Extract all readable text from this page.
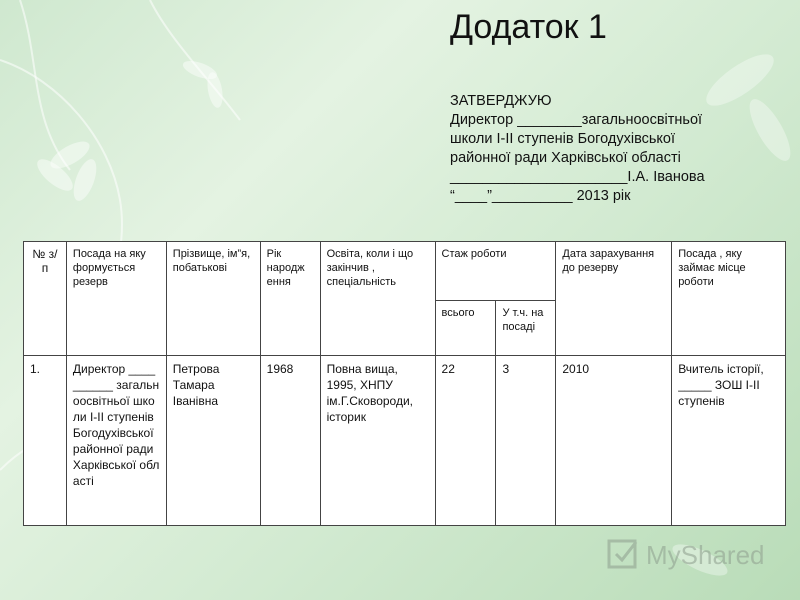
Додаток 1
ЗАТВЕРДЖУЮ
Директор ________загальноосвітньої
школи І-ІІ ступенів Богодухівської
районної ради Харківської області
______________________І.А. Іванова
“____”__________ 2013 рік
№ з/п	Посада на яку формується резерв	Прізвище, ім”я, побатькові	Рік народж ення	Освіта, коли і що закінчив , спеціальність	Стаж роботи		Дата зарахування до резерву	Посада , яку займає місце роботи
					всього	У т.ч. на посаді		
1.	Директор __________ загальноосвітньої школи І-ІІ ступенів Богодухівської районної ради Харківської області	Петрова Тамара Іванівна	1968	Повна вища, 1995, ХНПУ ім.Г.Сковороди, історик	22	3	2010	Вчитель історії, _____ ЗОШ І-ІІ ступенів
MyShared
